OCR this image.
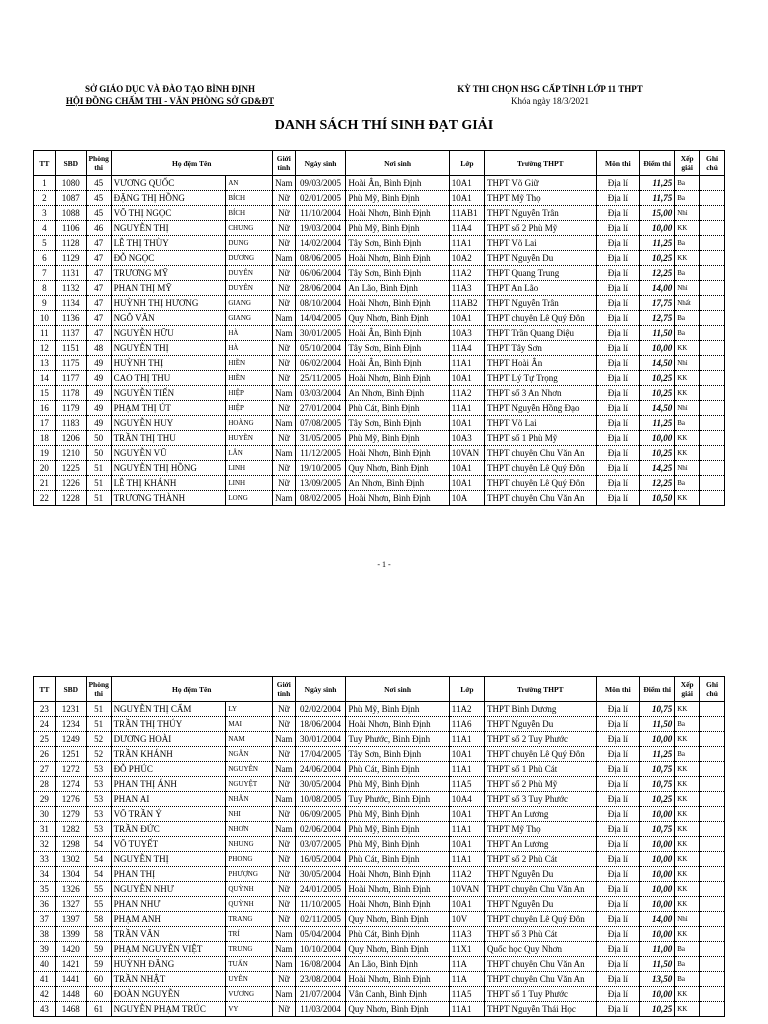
SỞ GIÁO DỤC VÀ ĐÀO TẠO BÌNH ĐỊNH
HỘI ĐỒNG CHẤM THI - VĂN PHÒNG SỞ GD&ĐT
KỲ THI CHỌN HSG CẤP TỈNH LỚP 11 THPT
Khóa ngày 18/3/2021
DANH SÁCH THÍ SINH ĐẠT GIẢI
TT	SBD	Phòng thi	Họ đệm Tên		Giới tính	Ngày sinh	Nơi sinh	Lớp	Trường THPT	Môn thi	Điểm thi	Xếp giải	Ghi chú
1	1080	45	VƯƠNG QUỐC	AN	Nam	09/03/2005	Hoài Ân, Bình Định	10A1	THPT Võ Giữ	Địa lí	11,25	Ba	
2	1087	45	ĐẶNG THỊ HỒNG	BÍCH	Nữ	02/01/2005	Phù Mỹ, Bình Định	10A1	THPT Mỹ Thọ	Địa lí	11,75	Ba	
3	1088	45	VÕ THỊ NGỌC	BÍCH	Nữ	11/10/2004	Hoài Nhơn, Bình Định	11AB1	THPT Nguyễn Trân	Địa lí	15,00	Nhì	
4	1106	46	NGUYỄN THỊ	CHUNG	Nữ	19/03/2004	Phù Mỹ, Bình Định	11A4	THPT số 2 Phù Mỹ	Địa lí	10,00	KK	
5	1128	47	LÊ THỊ THÙY	DUNG	Nữ	14/02/2004	Tây Sơn, Bình Định	11A1	THPT Võ Lai	Địa lí	11,25	Ba	
6	1129	47	ĐỖ NGỌC	DƯƠNG	Nam	08/06/2005	Hoài Nhơn, Bình Định	10A2	THPT Nguyễn Du	Địa lí	10,25	KK	
7	1131	47	TRƯƠNG MỸ	DUYÊN	Nữ	06/06/2004	Tây Sơn, Bình Định	11A2	THPT Quang Trung	Địa lí	12,25	Ba	
8	1132	47	PHAN THỊ MỸ	DUYÊN	Nữ	28/06/2004	An Lão, Bình Định	11A3	THPT An Lão	Địa lí	14,00	Nhì	
9	1134	47	HUỲNH THỊ HƯƠNG	GIANG	Nữ	08/10/2004	Hoài Nhơn, Bình Định	11AB2	THPT Nguyễn Trân	Địa lí	17,75	Nhất	
10	1136	47	NGÔ VĂN	GIANG	Nam	14/04/2005	Quy Nhơn, Bình Định	10A1	THPT chuyên Lê Quý Đôn	Địa lí	12,75	Ba	
11	1137	47	NGUYỄN HỮU	HÀ	Nam	30/01/2005	Hoài Ân, Bình Định	10A3	THPT Trần Quang Diệu	Địa lí	11,50	Ba	
12	1151	48	NGUYỄN THỊ	HÀ	Nữ	05/10/2004	Tây Sơn, Bình Định	11A4	THPT Tây Sơn	Địa lí	10,00	KK	
13	1175	49	HUỲNH THỊ	HIỀN	Nữ	06/02/2004	Hoài Ân, Bình Định	11A1	THPT Hoài Ân	Địa lí	14,50	Nhì	
14	1177	49	CAO THỊ THU	HIỀN	Nữ	25/11/2005	Hoài Nhơn, Bình Định	10A1	THPT Lý Tự Trọng	Địa lí	10,25	KK	
15	1178	49	NGUYỄN TIẾN	HIỆP	Nam	03/03/2004	An Nhơn, Bình Định	11A2	THPT số 3 An Nhơn	Địa lí	10,25	KK	
16	1179	49	PHẠM THỊ ÚT	HIỆP	Nữ	27/01/2004	Phù Cát, Bình Định	11A1	THPT Nguyễn Hồng Đạo	Địa lí	14,50	Nhì	
17	1183	49	NGUYỄN HUY	HOÀNG	Nam	07/08/2005	Tây Sơn, Bình Định	10A1	THPT Võ Lai	Địa lí	11,25	Ba	
18	1206	50	TRẦN THỊ THU	HUYỀN	Nữ	31/05/2005	Phù Mỹ, Bình Định	10A3	THPT số 1 Phù Mỹ	Địa lí	10,00	KK	
19	1210	50	NGUYỄN VŨ	LÂN	Nam	11/12/2005	Hoài Nhơn, Bình Định	10VAN	THPT chuyên Chu Văn An	Địa lí	10,25	KK	
20	1225	51	NGUYỄN THỊ HỒNG	LINH	Nữ	19/10/2005	Quy Nhơn, Bình Định	10A1	THPT chuyên Lê Quý Đôn	Địa lí	14,25	Nhì	
21	1226	51	LÊ THỊ KHÁNH	LINH	Nữ	13/09/2005	An Nhơn, Bình Định	10A1	THPT chuyên Lê Quý Đôn	Địa lí	12,25	Ba	
22	1228	51	TRƯƠNG THÀNH	LONG	Nam	08/02/2005	Hoài Nhơn, Bình Định	10A	THPT chuyên Chu Văn An	Địa lí	10,50	KK	
- 1 -
TT	SBD	Phòng thi	Họ đệm Tên		Giới tính	Ngày sinh	Nơi sinh	Lớp	Trường THPT	Môn thi	Điểm thi	Xếp giải	Ghi chú
23	1231	51	NGUYỄN THỊ CẨM	LY	Nữ	02/02/2004	Phù Mỹ, Bình Định	11A2	THPT Bình Dương	Địa lí	10,75	KK	
24	1234	51	TRẦN THỊ THÚY	MAI	Nữ	18/06/2004	Hoài Nhơn, Bình Định	11A6	THPT Nguyễn Du	Địa lí	11,50	Ba	
25	1249	52	DƯƠNG HOÀI	NAM	Nam	30/01/2004	Tuy Phước, Bình Định	11A1	THPT số 2 Tuy Phước	Địa lí	10,00	KK	
26	1251	52	TRẦN KHÁNH	NGÂN	Nữ	17/04/2005	Tây Sơn, Bình Định	10A1	THPT chuyên Lê Quý Đôn	Địa lí	11,25	Ba	
27	1272	53	ĐỖ PHÚC	NGUYÊN	Nam	24/06/2004	Phù Cát, Bình Định	11A1	THPT số 1 Phù Cát	Địa lí	10,75	KK	
28	1274	53	PHAN THỊ ÁNH	NGUYỆT	Nữ	30/05/2004	Phù Mỹ, Bình Định	11A5	THPT số 2 Phù Mỹ	Địa lí	10,75	KK	
29	1276	53	PHAN AI	NHÂN	Nam	10/08/2005	Tuy Phước, Bình Định	10A4	THPT số 3 Tuy Phước	Địa lí	10,25	KK	
30	1279	53	VÕ TRẦN Ý	NHI	Nữ	06/09/2005	Phù Mỹ, Bình Định	10A1	THPT An Lương	Địa lí	10,00	KK	
31	1282	53	TRẦN ĐỨC	NHƠN	Nam	02/06/2004	Phù Mỹ, Bình Định	11A1	THPT Mỹ Thọ	Địa lí	10,75	KK	
32	1298	54	VÕ TUYẾT	NHUNG	Nữ	03/07/2005	Phù Mỹ, Bình Định	10A1	THPT An Lương	Địa lí	10,00	KK	
33	1302	54	NGUYỄN THỊ	PHONG	Nữ	16/05/2004	Phù Cát, Bình Định	11A1	THPT số 2 Phù Cát	Địa lí	10,00	KK	
34	1304	54	PHAN THỊ	PHƯỢNG	Nữ	30/05/2004	Hoài Nhơn, Bình Định	11A2	THPT Nguyễn Du	Địa lí	10,00	KK	
35	1326	55	NGUYỄN NHƯ	QUỲNH	Nữ	24/01/2005	Hoài Nhơn, Bình Định	10VAN	THPT chuyên Chu Văn An	Địa lí	10,00	KK	
36	1327	55	PHAN NHƯ	QUỲNH	Nữ	11/10/2005	Hoài Nhơn, Bình Định	10A1	THPT Nguyễn Du	Địa lí	10,00	KK	
37	1397	58	PHẠM ANH	TRANG	Nữ	02/11/2005	Quy Nhơn, Bình Định	10V	THPT chuyên Lê Quý Đôn	Địa lí	14,00	Nhì	
38	1399	58	TRẦN VĂN	TRÍ	Nam	05/04/2004	Phù Cát, Bình Định	11A3	THPT số 3 Phù Cát	Địa lí	10,00	KK	
39	1420	59	PHẠM NGUYỄN VIỆT	TRUNG	Nam	10/10/2004	Quy Nhơn, Bình Định	11X1	Quốc học Quy Nhơn	Địa lí	11,00	Ba	
40	1421	59	HUỲNH ĐĂNG	TUẤN	Nam	16/08/2004	An Lão, Bình Định	11A	THPT chuyên Chu Văn An	Địa lí	11,50	Ba	
41	1441	60	TRẦN NHẬT	UYÊN	Nữ	23/08/2004	Hoài Nhơn, Bình Định	11A	THPT chuyên Chu Văn An	Địa lí	13,50	Ba	
42	1448	60	ĐOÀN NGUYỄN	VƯƠNG	Nam	21/07/2004	Vân Canh, Bình Định	11A5	THPT số 1 Tuy Phước	Địa lí	10,00	KK	
43	1468	61	NGUYỄN PHẠM TRÚC	VY	Nữ	11/03/2004	Quy Nhơn, Bình Định	11A1	THPT Nguyễn Thái Học	Địa lí	10,25	KK	
